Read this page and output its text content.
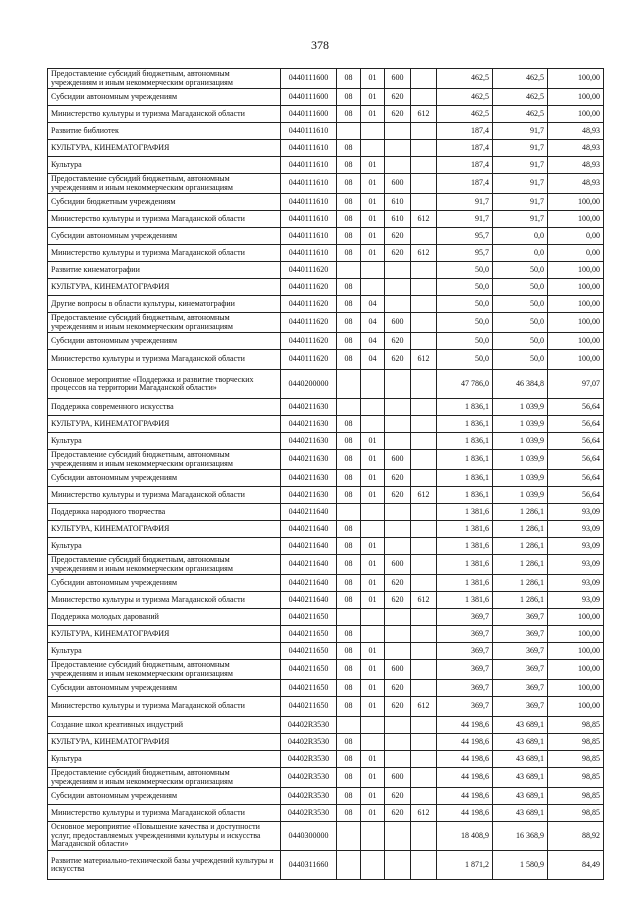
378
Предоставление субсидий бюджетным, автономным учреждениям и иным некоммерческим организациям	0440111600	08	01	600		462,5	462,5	100,00
Субсидии автономным учреждениям	0440111600	08	01	620		462,5	462,5	100,00
Министерство культуры и туризма Магаданской области	0440111600	08	01	620	612	462,5	462,5	100,00
Развитие библиотек	0440111610					187,4	91,7	48,93
КУЛЬТУРА, КИНЕМАТОГРАФИЯ	0440111610	08				187,4	91,7	48,93
Культура	0440111610	08	01			187,4	91,7	48,93
Предоставление субсидий бюджетным, автономным учреждениям и иным некоммерческим организациям	0440111610	08	01	600		187,4	91,7	48,93
Субсидии бюджетным учреждениям	0440111610	08	01	610		91,7	91,7	100,00
Министерство культуры и туризма Магаданской области	0440111610	08	01	610	612	91,7	91,7	100,00
Субсидии автономным учреждениям	0440111610	08	01	620		95,7	0,0	0,00
Министерство культуры и туризма Магаданской области	0440111610	08	01	620	612	95,7	0,0	0,00
Развитие кинематографии	0440111620					50,0	50,0	100,00
КУЛЬТУРА, КИНЕМАТОГРАФИЯ	0440111620	08				50,0	50,0	100,00
Другие вопросы в области культуры, кинематографии	0440111620	08	04			50,0	50,0	100,00
Предоставление субсидий бюджетным, автономным учреждениям и иным некоммерческим организациям	0440111620	08	04	600		50,0	50,0	100,00
Субсидии автономным учреждениям	0440111620	08	04	620		50,0	50,0	100,00
Министерство культуры и туризма Магаданской области	0440111620	08	04	620	612	50,0	50,0	100,00
Основное мероприятие «Поддержка и развитие творческих процессов на территории Магаданской области»	0440200000					47 786,0	46 384,8	97,07
Поддержка современного искусства	0440211630					1 836,1	1 039,9	56,64
КУЛЬТУРА, КИНЕМАТОГРАФИЯ	0440211630	08				1 836,1	1 039,9	56,64
Культура	0440211630	08	01			1 836,1	1 039,9	56,64
Предоставление субсидий бюджетным, автономным учреждениям и иным некоммерческим организациям	0440211630	08	01	600		1 836,1	1 039,9	56,64
Субсидии автономным учреждениям	0440211630	08	01	620		1 836,1	1 039,9	56,64
Министерство культуры и туризма Магаданской области	0440211630	08	01	620	612	1 836,1	1 039,9	56,64
Поддержка народного творчества	0440211640					1 381,6	1 286,1	93,09
КУЛЬТУРА, КИНЕМАТОГРАФИЯ	0440211640	08				1 381,6	1 286,1	93,09
Культура	0440211640	08	01			1 381,6	1 286,1	93,09
Предоставление субсидий бюджетным, автономным учреждениям и иным некоммерческим организациям	0440211640	08	01	600		1 381,6	1 286,1	93,09
Субсидии автономным учреждениям	0440211640	08	01	620		1 381,6	1 286,1	93,09
Министерство культуры и туризма Магаданской области	0440211640	08	01	620	612	1 381,6	1 286,1	93,09
Поддержка молодых дарований	0440211650					369,7	369,7	100,00
КУЛЬТУРА, КИНЕМАТОГРАФИЯ	0440211650	08				369,7	369,7	100,00
Культура	0440211650	08	01			369,7	369,7	100,00
Предоставление субсидий бюджетным, автономным учреждениям и иным некоммерческим организациям	0440211650	08	01	600		369,7	369,7	100,00
Субсидии автономным учреждениям	0440211650	08	01	620		369,7	369,7	100,00
Министерство культуры и туризма Магаданской области	0440211650	08	01	620	612	369,7	369,7	100,00
Создание школ креативных индустрий	04402R3530					44 198,6	43 689,1	98,85
КУЛЬТУРА, КИНЕМАТОГРАФИЯ	04402R3530	08				44 198,6	43 689,1	98,85
Культура	04402R3530	08	01			44 198,6	43 689,1	98,85
Предоставление субсидий бюджетным, автономным учреждениям и иным некоммерческим организациям	04402R3530	08	01	600		44 198,6	43 689,1	98,85
Субсидии автономным учреждениям	04402R3530	08	01	620		44 198,6	43 689,1	98,85
Министерство культуры и туризма Магаданской области	04402R3530	08	01	620	612	44 198,6	43 689,1	98,85
Основное мероприятие «Повышение качества и доступности услуг, предоставляемых учреждениями культуры и искусства Магаданской области»	0440300000					18 408,9	16 368,9	88,92
Развитие материально-технической базы учреждений культуры и искусства	0440311660					1 871,2	1 580,9	84,49
